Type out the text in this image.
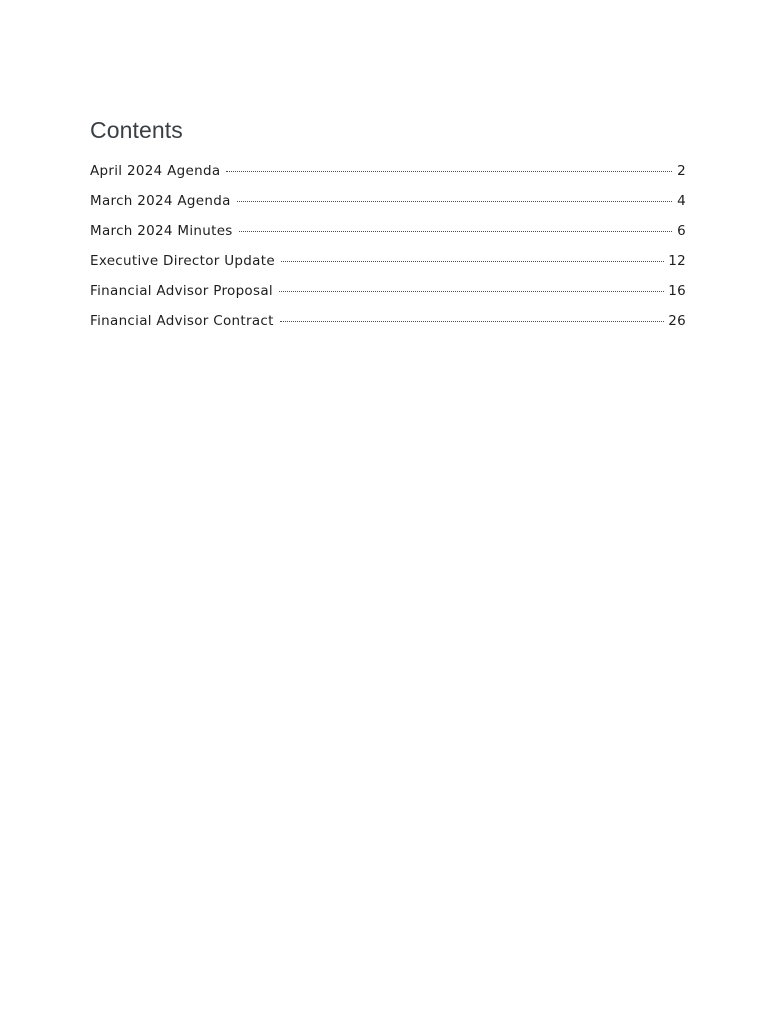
Contents
April 2024 Agenda	2
March 2024 Agenda	4
March 2024 Minutes	6
Executive Director Update	12
Financial Advisor Proposal	16
Financial Advisor Contract	26
